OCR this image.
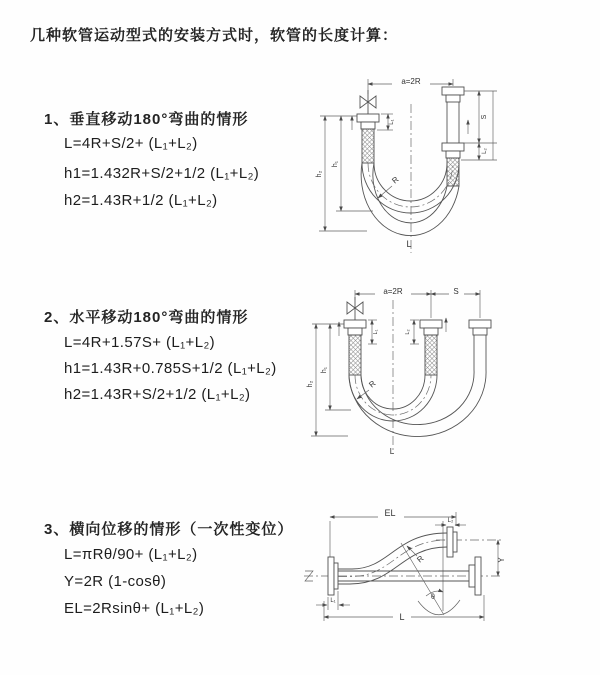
几种软管运动型式的安装方式时，软管的长度计算：
1、垂直移动180°弯曲的情形
L=4R+S/2+ (L₁+L₂)
h1=1.432R+S/2+1/2 (L₁+L₂)
h2=1.43R+1/2 (L₁+L₂)
2、水平移动180°弯曲的情形
L=4R+1.57S+ (L₁+L₂)
h1=1.43R+0.785S+1/2 (L₁+L₂)
h2=1.43R+S/2+1/2 (L₁+L₂)
3、横向位移的情形（一次性变位）
L=πRθ/90+ (L₁+L₂)
Y=2R (1-cosθ)
EL=2Rsinθ+ (L₁+L₂)
a=2R
L₁
S
L₂
h₁
h₂
R
L
a=2R	S
L₁	L₂
h₁
h₂	R
L
EL
L₂
Y
θ
R
L₁
L
